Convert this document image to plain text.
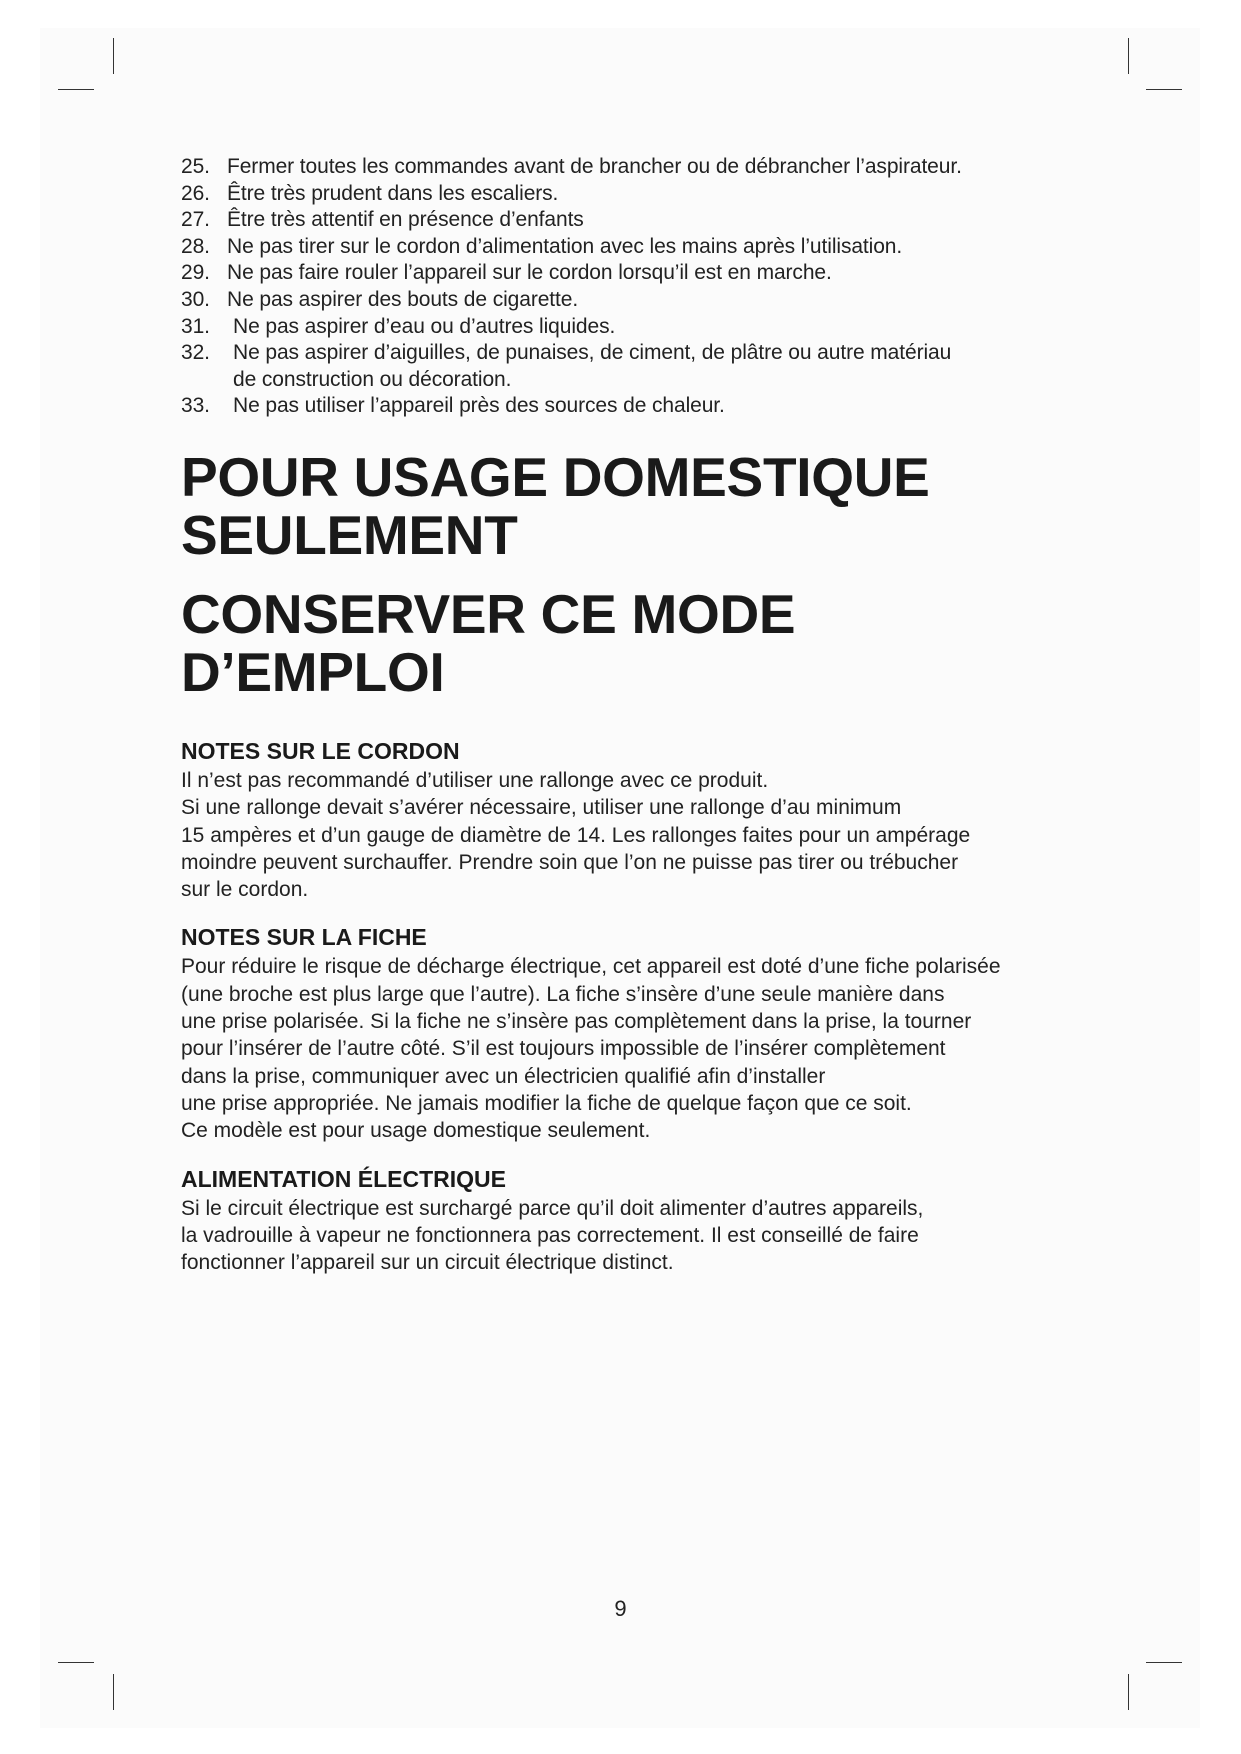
25. Fermer toutes les commandes avant de brancher ou de débrancher l’aspirateur.
26. Être très prudent dans les escaliers.
27. Être très attentif en présence d’enfants
28. Ne pas tirer sur le cordon d’alimentation avec les mains après l’utilisation.
29. Ne pas faire rouler l’appareil sur le cordon lorsqu’il est en marche.
30. Ne pas aspirer des bouts de cigarette.
31.	Ne pas aspirer d’eau ou d’autres liquides.
32.	Ne pas aspirer d’aiguilles, de punaises, de ciment, de plâtre ou autre matériau
de construction ou décoration.
33.	Ne pas utiliser l’appareil près des sources de chaleur.
POUR USAGE DOMESTIQUE
SEULEMENT
CONSERVER CE MODE
D’EMPLOI
NOTES SUR LE CORDON
Il n’est pas recommandé d’utiliser une rallonge avec ce produit.
Si une rallonge devait s’avérer nécessaire, utiliser une rallonge d’au minimum
15 ampères et d’un gauge de diamètre de 14. Les rallonges faites pour un ampérage
moindre peuvent surchauffer. Prendre soin que l’on ne puisse pas tirer ou trébucher
sur le cordon.
NOTES SUR LA FICHE
Pour réduire le risque de décharge électrique, cet appareil est doté d’une fiche polarisée
(une broche est plus large que l’autre). La fiche s’insère d’une seule manière dans
une prise polarisée. Si la fiche ne s’insère pas complètement dans la prise, la tourner
pour l’insérer de l’autre côté. S’il est toujours impossible de l’insérer complètement
dans la prise, communiquer avec un électricien qualifié afin d’installer
une prise appropriée. Ne jamais modifier la fiche de quelque façon que ce soit.
Ce modèle est pour usage domestique seulement.
ALIMENTATION ÉLECTRIQUE
Si le circuit électrique est surchargé parce qu’il doit alimenter d’autres appareils,
la vadrouille à vapeur ne fonctionnera pas correctement. Il est conseillé de faire
fonctionner l’appareil sur un circuit électrique distinct.
9
